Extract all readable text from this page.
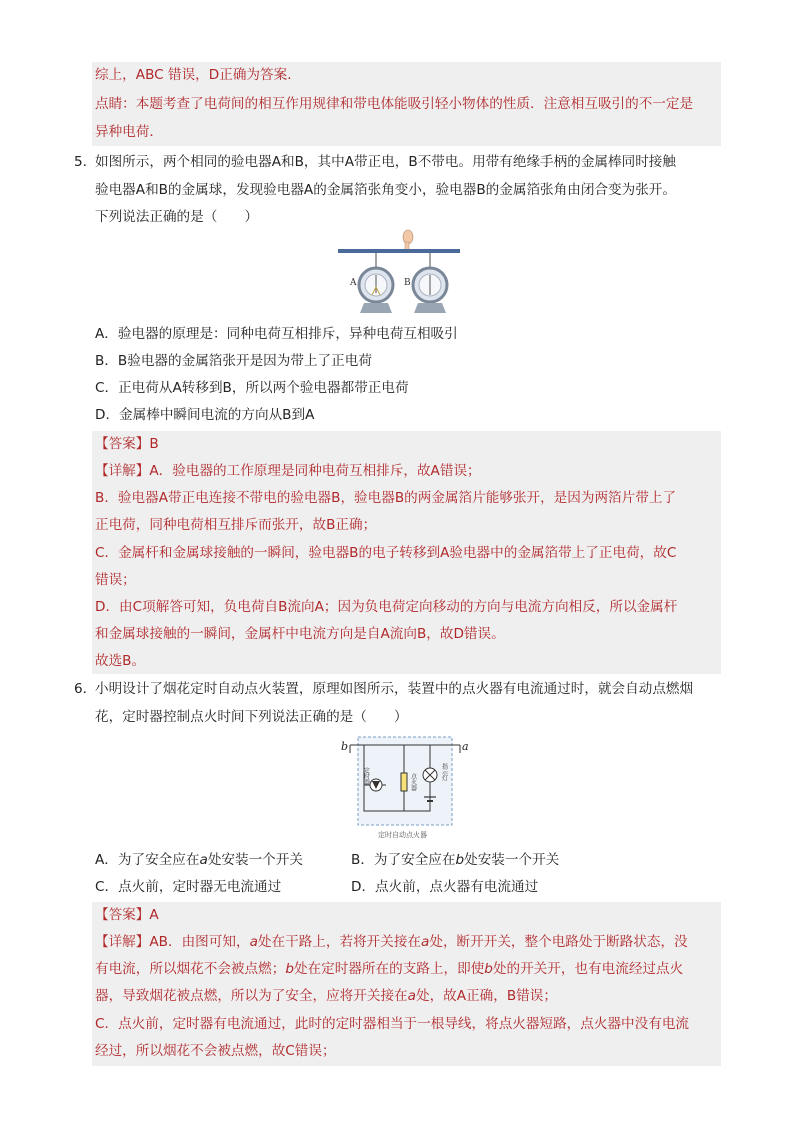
综上，ABC 错误，D正确为答案．
点睛：本题考查了电荷间的相互作用规律和带电体能吸引轻小物体的性质．注意相互吸引的不一定是
异种电荷．
5．
如图所示，两个相同的验电器A和B，其中A带正电，B不带电。用带有绝缘手柄的金属棒同时接触
验电器A和B的金属球，发现验电器A的金属箔张角变小，验电器B的金属箔张角由闭合变为张开。
下列说法正确的是（　　）
A	B
A．验电器的原理是：同种电荷互相排斥，异种电荷互相吸引
B．B验电器的金属箔张开是因为带上了正电荷
C．正电荷从A转移到B，所以两个验电器都带正电荷
D．金属棒中瞬间电流的方向从B到A
【答案】B
【详解】A．验电器的工作原理是同种电荷互相排斥，故A错误；
B．验电器A带正电连接不带电的验电器B，验电器B的两金属箔片能够张开，是因为两箔片带上了
正电荷，同种电荷相互排斥而张开，故B正确；
C．金属杆和金属球接触的一瞬间，验电器B的电子转移到A验电器中的金属箔带上了正电荷，故C
错误；
D．由C项解答可知，负电荷自B流向A；因为负电荷定向移动的方向与电流方向相反，所以金属杆
和金属球接触的一瞬间，金属杆中电流方向是自A流向B，故D错误。
故选B。
6．
小明设计了烟花定时自动点火装置，原理如图所示，装置中的点火器有电流通过时，就会自动点燃烟
花，定时器控制点火时间下列说法正确的是（　　）
b	a
定时器	点火器
指示灯
定时自动点火器
A．为了安全应在a处安装一个开关	B．为了安全应在b处安装一个开关
C．点火前，定时器无电流通过	D．点火前，点火器有电流通过
【答案】A
【详解】AB．由图可知，a处在干路上，若将开关接在a处，断开开关，整个电路处于断路状态，没
有电流，所以烟花不会被点燃；b处在定时器所在的支路上，即使b处的开关开，也有电流经过点火
器，导致烟花被点燃，所以为了安全，应将开关接在a处，故A正确，B错误；
C．点火前，定时器有电流通过，此时的定时器相当于一根导线，将点火器短路，点火器中没有电流
经过，所以烟花不会被点燃，故C错误；
